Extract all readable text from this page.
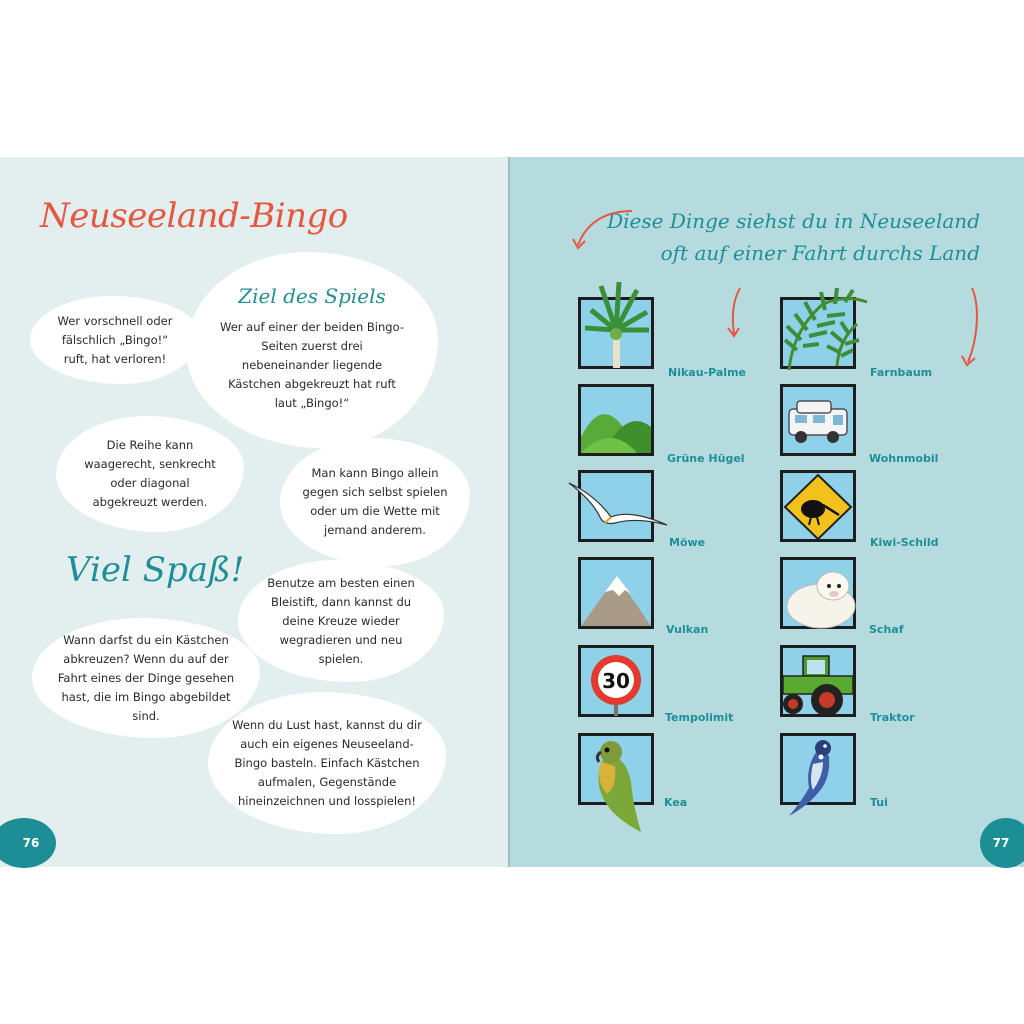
Neuseeland-Bingo
Wer vorschnell oder fälschlich „Bingo!“ ruft, hat verloren!
Ziel des Spiels
Wer auf einer der beiden Bingo-Seiten zuerst drei nebeneinander liegende Kästchen abgekreuzt hat ruft laut „Bingo!“
Die Reihe kann waagerecht, senkrecht oder diagonal abgekreuzt werden.
Man kann Bingo allein gegen sich selbst spielen oder um die Wette mit jemand anderem.
Viel Spaß!	Benutze am besten einen Bleistift, dann kannst du deine Kreuze wieder wegradieren und neu spielen.
Wann darfst du ein Kästchen abkreuzen? Wenn du auf der Fahrt eines der Dinge gesehen hast, die im Bingo abgebildet sind.
Wenn du Lust hast, kannst du dir auch ein eigenes Neuseeland-Bingo basteln. Einfach Kästchen aufmalen, Gegenstände hineinzeichnen und losspielen!
76
Diese Dinge siehst du in Neuseeland
oft auf einer Fahrt durchs Land
Nikau-Palme
Grüne Hügel
Möwe
Vulkan
30
Tempolimit
Kea
Farnbaum
Wohnmobil
Kiwi-Schild
Schaf
Traktor
Tui
77
